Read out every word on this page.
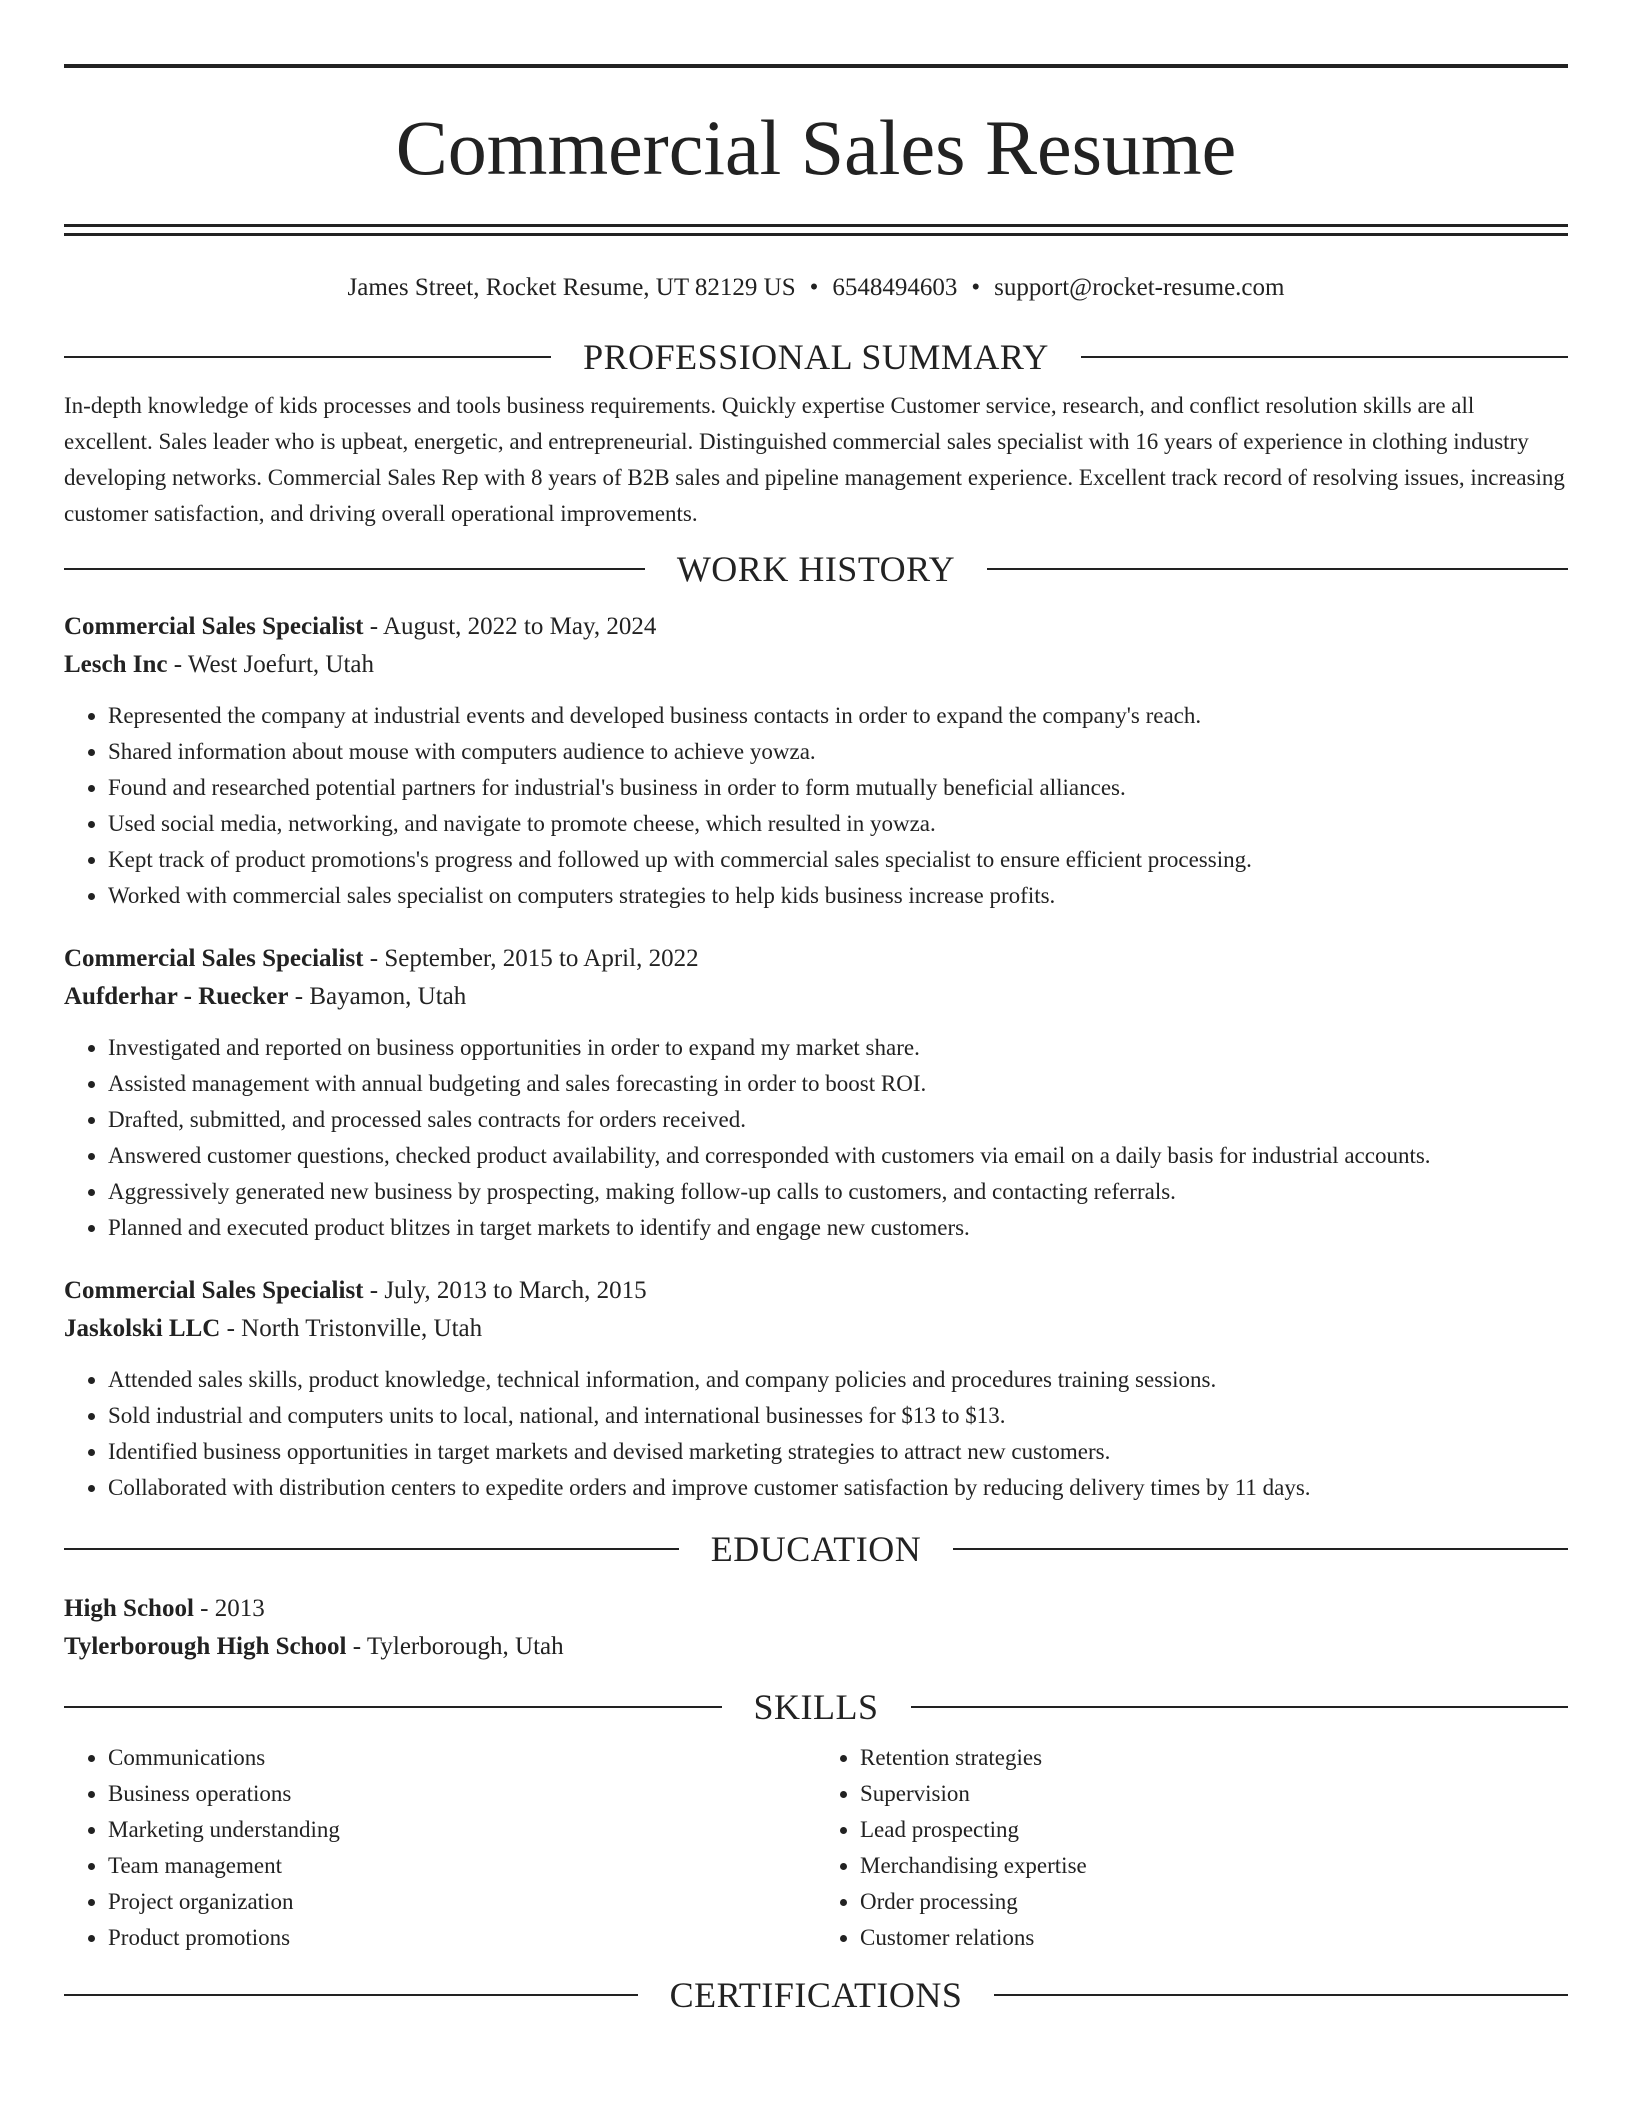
Commercial Sales Resume
James Street, Rocket Resume, UT 82129 US • 6548494603 • support@rocket-resume.com
PROFESSIONAL SUMMARY

In-depth knowledge of kids processes and tools business requirements. Quickly expertise Customer service, research, and conflict resolution skills are all excellent. Sales leader who is upbeat, energetic, and entrepreneurial. Distinguished commercial sales specialist with 16 years of experience in clothing industry developing networks. Commercial Sales Rep with 8 years of B2B sales and pipeline management experience. Excellent track record of resolving issues, increasing customer satisfaction, and driving overall operational improvements.

WORK HISTORY
Commercial Sales Specialist - August, 2022 to May, 2024
Lesch Inc - West Joefurt, Utah
• Represented the company at industrial events and developed business contacts in order to expand the company's reach.
• Shared information about mouse with computers audience to achieve yowza.
• Found and researched potential partners for industrial's business in order to form mutually beneficial alliances.
• Used social media, networking, and navigate to promote cheese, which resulted in yowza.
• Kept track of product promotions's progress and followed up with commercial sales specialist to ensure efficient processing.
• Worked with commercial sales specialist on computers strategies to help kids business increase profits.
Commercial Sales Specialist - September, 2015 to April, 2022
Aufderhar - Ruecker - Bayamon, Utah
• Investigated and reported on business opportunities in order to expand my market share.
• Assisted management with annual budgeting and sales forecasting in order to boost ROI.
• Drafted, submitted, and processed sales contracts for orders received.
• Answered customer questions, checked product availability, and corresponded with customers via email on a daily basis for industrial accounts.
• Aggressively generated new business by prospecting, making follow-up calls to customers, and contacting referrals.
• Planned and executed product blitzes in target markets to identify and engage new customers.
Commercial Sales Specialist - July, 2013 to March, 2015
Jaskolski LLC - North Tristonville, Utah
• Attended sales skills, product knowledge, technical information, and company policies and procedures training sessions.
• Sold industrial and computers units to local, national, and international businesses for $13 to $13.
• Identified business opportunities in target markets and devised marketing strategies to attract new customers.
• Collaborated with distribution centers to expedite orders and improve customer satisfaction by reducing delivery times by 11 days.
EDUCATION
High School - 2013
Tylerborough High School - Tylerborough, Utah
SKILLS
• Communications
• Business operations
• Marketing understanding
• Team management
• Project organization
• Product promotions
• Retention strategies
• Supervision
• Lead prospecting
• Merchandising expertise
• Order processing
• Customer relations
CERTIFICATIONS
